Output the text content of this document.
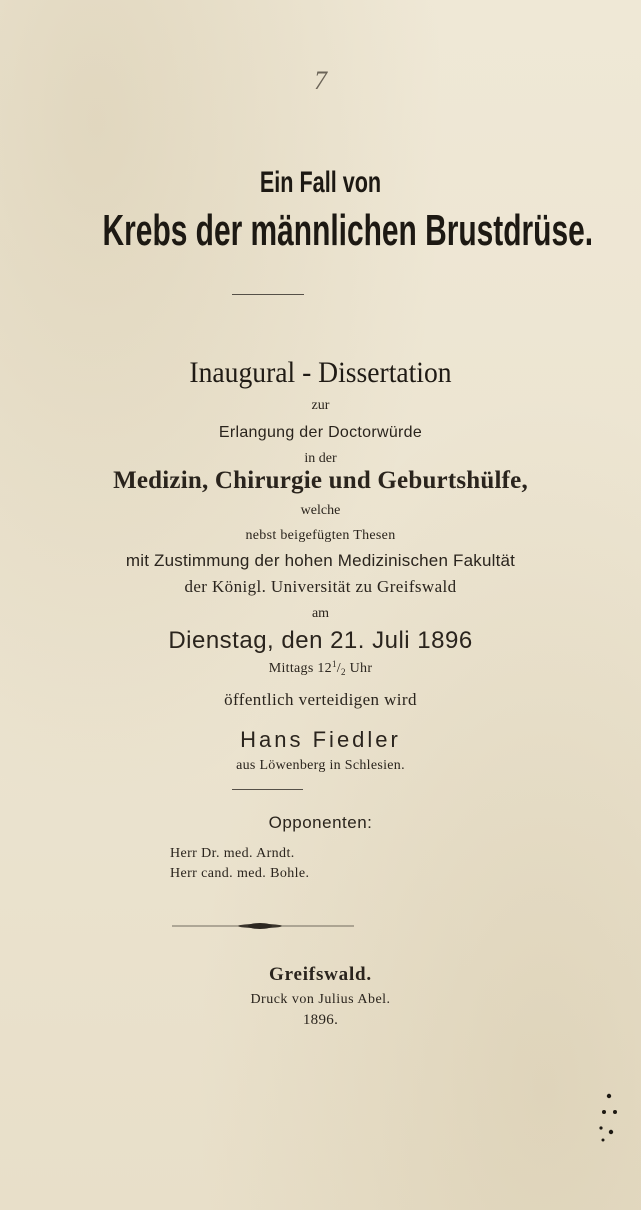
7
Ein Fall von
Krebs der männlichen Brustdrüse.
Inaugural - Dissertation
zur
Erlangung der Doctorwürde
in der
Medizin, Chirurgie und Geburtshülfe,
welche
nebst beigefügten Thesen
mit Zustimmung der hohen Medizinischen Fakultät
der Königl. Universität zu Greifswald
am
Dienstag, den 21. Juli 1896
Mittags $12^1/_2$ Uhr
öffentlich verteidigen wird
Hans Fiedler
aus Löwenberg in Schlesien.
Opponenten:
Herr Dr. med. Arndt.
Herr cand. med. Bohle.
Greifswald.
Druck von Julius Abel.
1896.
